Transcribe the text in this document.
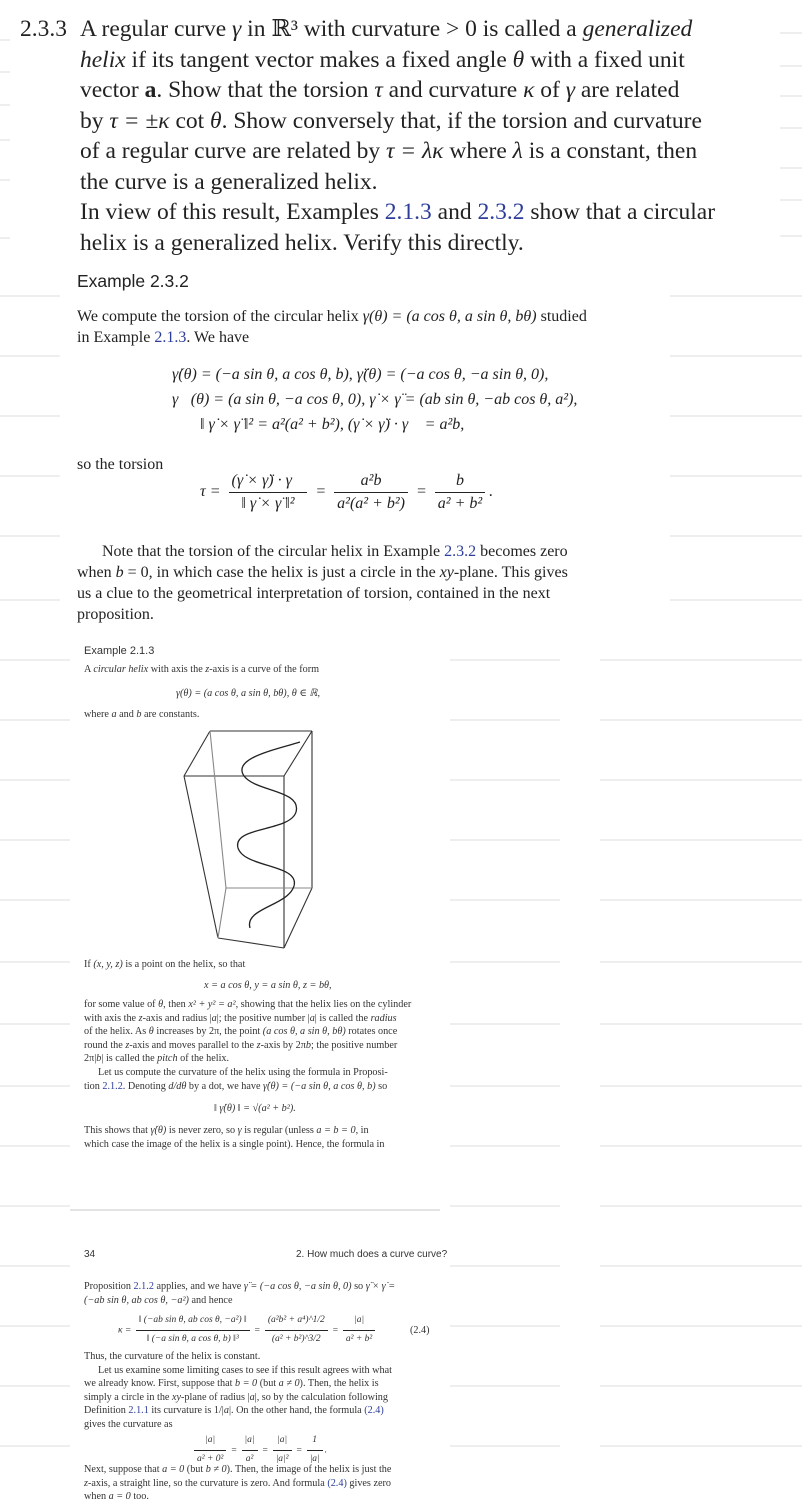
2.3.3 A regular curve γ in ℝ³ with curvature > 0 is called a generalized
helix if its tangent vector makes a fixed angle θ with a fixed unit
vector a. Show that the torsion τ and curvature κ of γ are related
by τ = ±κ cot θ. Show conversely that, if the torsion and curvature
of a regular curve are related by τ = λκ where λ is a constant, then
the curve is a generalized helix.
In view of this result, Examples 2.1.3 and 2.3.2 show that a circular
helix is a generalized helix. Verify this directly.
Example 2.3.2
We compute the torsion of the circular helix γ(θ) = (a cos θ, a sin θ, bθ) studied
in Example 2.1.3. We have
γ̇(θ) = (−a sin θ, a cos θ, b), γ̈(θ) = (−a cos θ, −a sin θ, 0),
γ⃛(θ) = (a sin θ, −a cos θ, 0), γ̇ × γ̈ = (ab sin θ, −ab cos θ, a²),
‖ γ̇ × γ̈ ‖² = a²(a² + b²), (γ̇ × γ̈) · γ⃛ = a²b,
so the torsion
$\tau = \frac{(\gammȧ \times \gammä) \cdot \gamma⃛}{\text{‖ γ̇ × γ̈ ‖²}} = \frac{\text{a²b}}{\text{a²(a² + b²)}} = \frac{b}{\text{a² + b²}}$ .
Note that the torsion of the circular helix in Example 2.3.2 becomes zero
when b = 0, in which case the helix is just a circle in the xy-plane. This gives
us a clue to the geometrical interpretation of torsion, contained in the next
proposition.
Example 2.1.3
A circular helix with axis the z-axis is a curve of the form
γ(θ) = (a cos θ, a sin θ, bθ), θ ∈ ℝ,
where a and b are constants.
If (x, y, z) is a point on the helix, so that
x = a cos θ, y = a sin θ, z = bθ,
for some value of θ, then x² + y² = a², showing that the helix lies on the cylinder
with axis the z-axis and radius |a|; the positive number |a| is called the radius
of the helix. As θ increases by 2π, the point (a cos θ, a sin θ, bθ) rotates once
round the z-axis and moves parallel to the z-axis by 2πb; the positive number
2π|b| is called the pitch of the helix.
Let us compute the curvature of the helix using the formula in Proposi-
tion 2.1.2. Denoting d/dθ by a dot, we have γ̇(θ) = (−a sin θ, a cos θ, b) so
‖ γ̇(θ) ‖ = √(a² + b²).
This shows that γ̇(θ) is never zero, so γ is regular (unless a = b = 0, in
which case the image of the helix is a single point). Hence, the formula in
34	2. How much does a curve curve?
Proposition 2.1.2 applies, and we have γ̈ = (−a cos θ, −a sin θ, 0) so γ̈ × γ̇ =
(−ab sin θ, ab cos θ, −a²) and hence
$\kappa = \frac{\text{‖ (−ab sin θ, ab cos θ, −a²) ‖}}{\text{‖ (−a sin θ, a cos θ, b) ‖³}} = \frac{\text{(a²b² + a⁴)\textasciicircum{}1/2}}{\text{(a² + b²)\textasciicircum{}3/2}} = \frac{|a|}{\text{a² + b²}}$	(2.4)
Thus, the curvature of the helix is constant.
Let us examine some limiting cases to see if this result agrees with what
we already know. First, suppose that b = 0 (but a ≠ 0). Then, the helix is
simply a circle in the xy-plane of radius |a|, so by the calculation following
Definition 2.1.1 its curvature is 1/|a|. On the other hand, the formula (2.4)
gives the curvature as
$\frac{|a|}{\text{a² + 0²}} = \frac{|a|}{\text{a²}} = \frac{|a|}{\text{|a|²}} = \frac{1}{|a|}$ .
Next, suppose that a = 0 (but b ≠ 0). Then, the image of the helix is just the
z-axis, a straight line, so the curvature is zero. And formula (2.4) gives zero
when a = 0 too.
